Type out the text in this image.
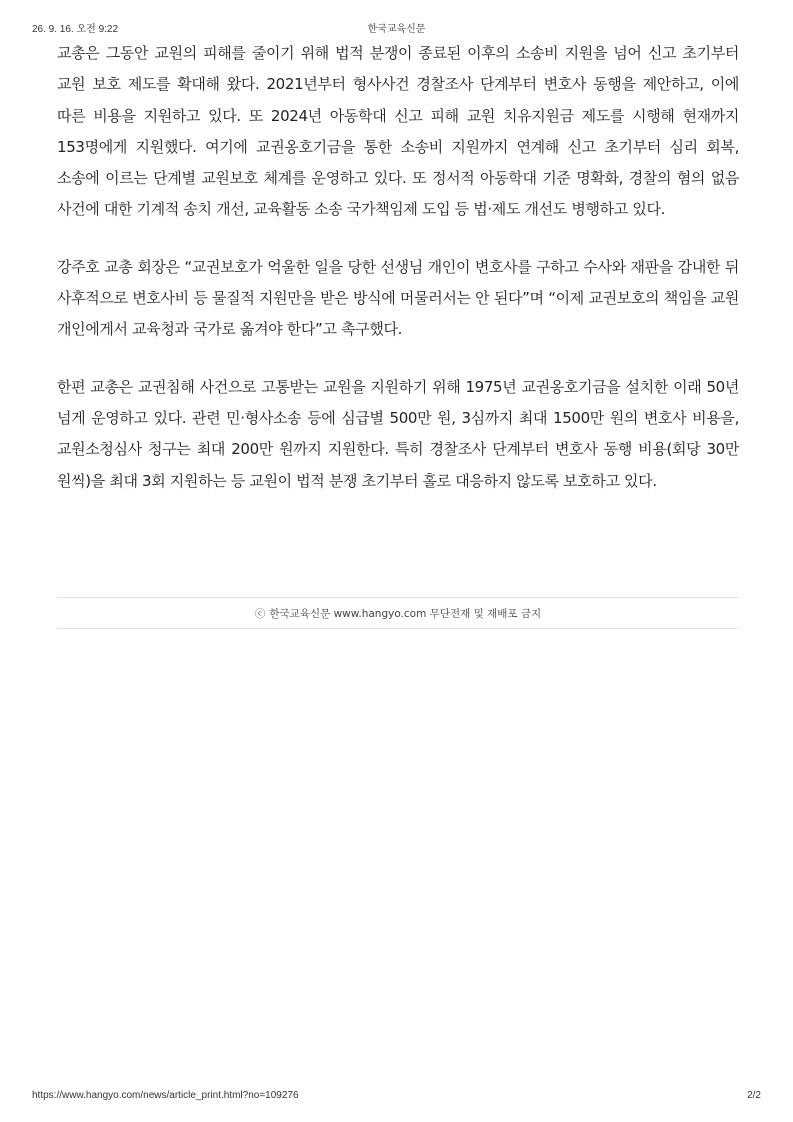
26. 9. 16. 오전 9:22	한국교육신문

교총은 그동안 교원의 피해를 줄이기 위해 법적 분쟁이 종료된 이후의 소송비 지원을 넘어 신고 초기부터 교원 보호 제도를 확대해 왔다. 2021년부터 형사사건 경찰조사 단계부터 변호사 동행을 제안하고, 이에 따른 비용을 지원하고 있다. 또 2024년 아동학대 신고 피해 교원 치유지원금 제도를 시행해 현재까지 153명에게 지원했다. 여기에 교권옹호기금을 통한 소송비 지원까지 연계해 신고 초기부터 심리 회복, 소송에 이르는 단계별 교원보호 체계를 운영하고 있다. 또 정서적 아동학대 기준 명확화, 경찰의 혐의 없음 사건에 대한 기계적 송치 개선, 교육활동 소송 국가책임제 도입 등 법·제도 개선도 병행하고 있다.

강주호 교총 회장은 “교권보호가 억울한 일을 당한 선생님 개인이 변호사를 구하고 수사와 재판을 감내한 뒤 사후적으로 변호사비 등 물질적 지원만을 받은 방식에 머물러서는 안 된다”며 “이제 교권보호의 책임을 교원 개인에게서 교육청과 국가로 옮겨야 한다”고 촉구했다.

한편 교총은 교권침해 사건으로 고통받는 교원을 지원하기 위해 1975년 교권옹호기금을 설치한 이래 50년 넘게 운영하고 있다. 관련 민·형사소송 등에 심급별 500만 원, 3심까지 최대 1500만 원의 변호사 비용을, 교원소청심사 청구는 최대 200만 원까지 지원한다. 특히 경찰조사 단계부터 변호사 동행 비용(회당 30만 원씩)을 최대 3회 지원하는 등 교원이 법적 분쟁 초기부터 홀로 대응하지 않도록 보호하고 있다.

ⓒ 한국교육신문 www.hangyo.com 무단전재 및 재배포 금지
https://www.hangyo.com/news/article_print.html?no=109276	2/2
